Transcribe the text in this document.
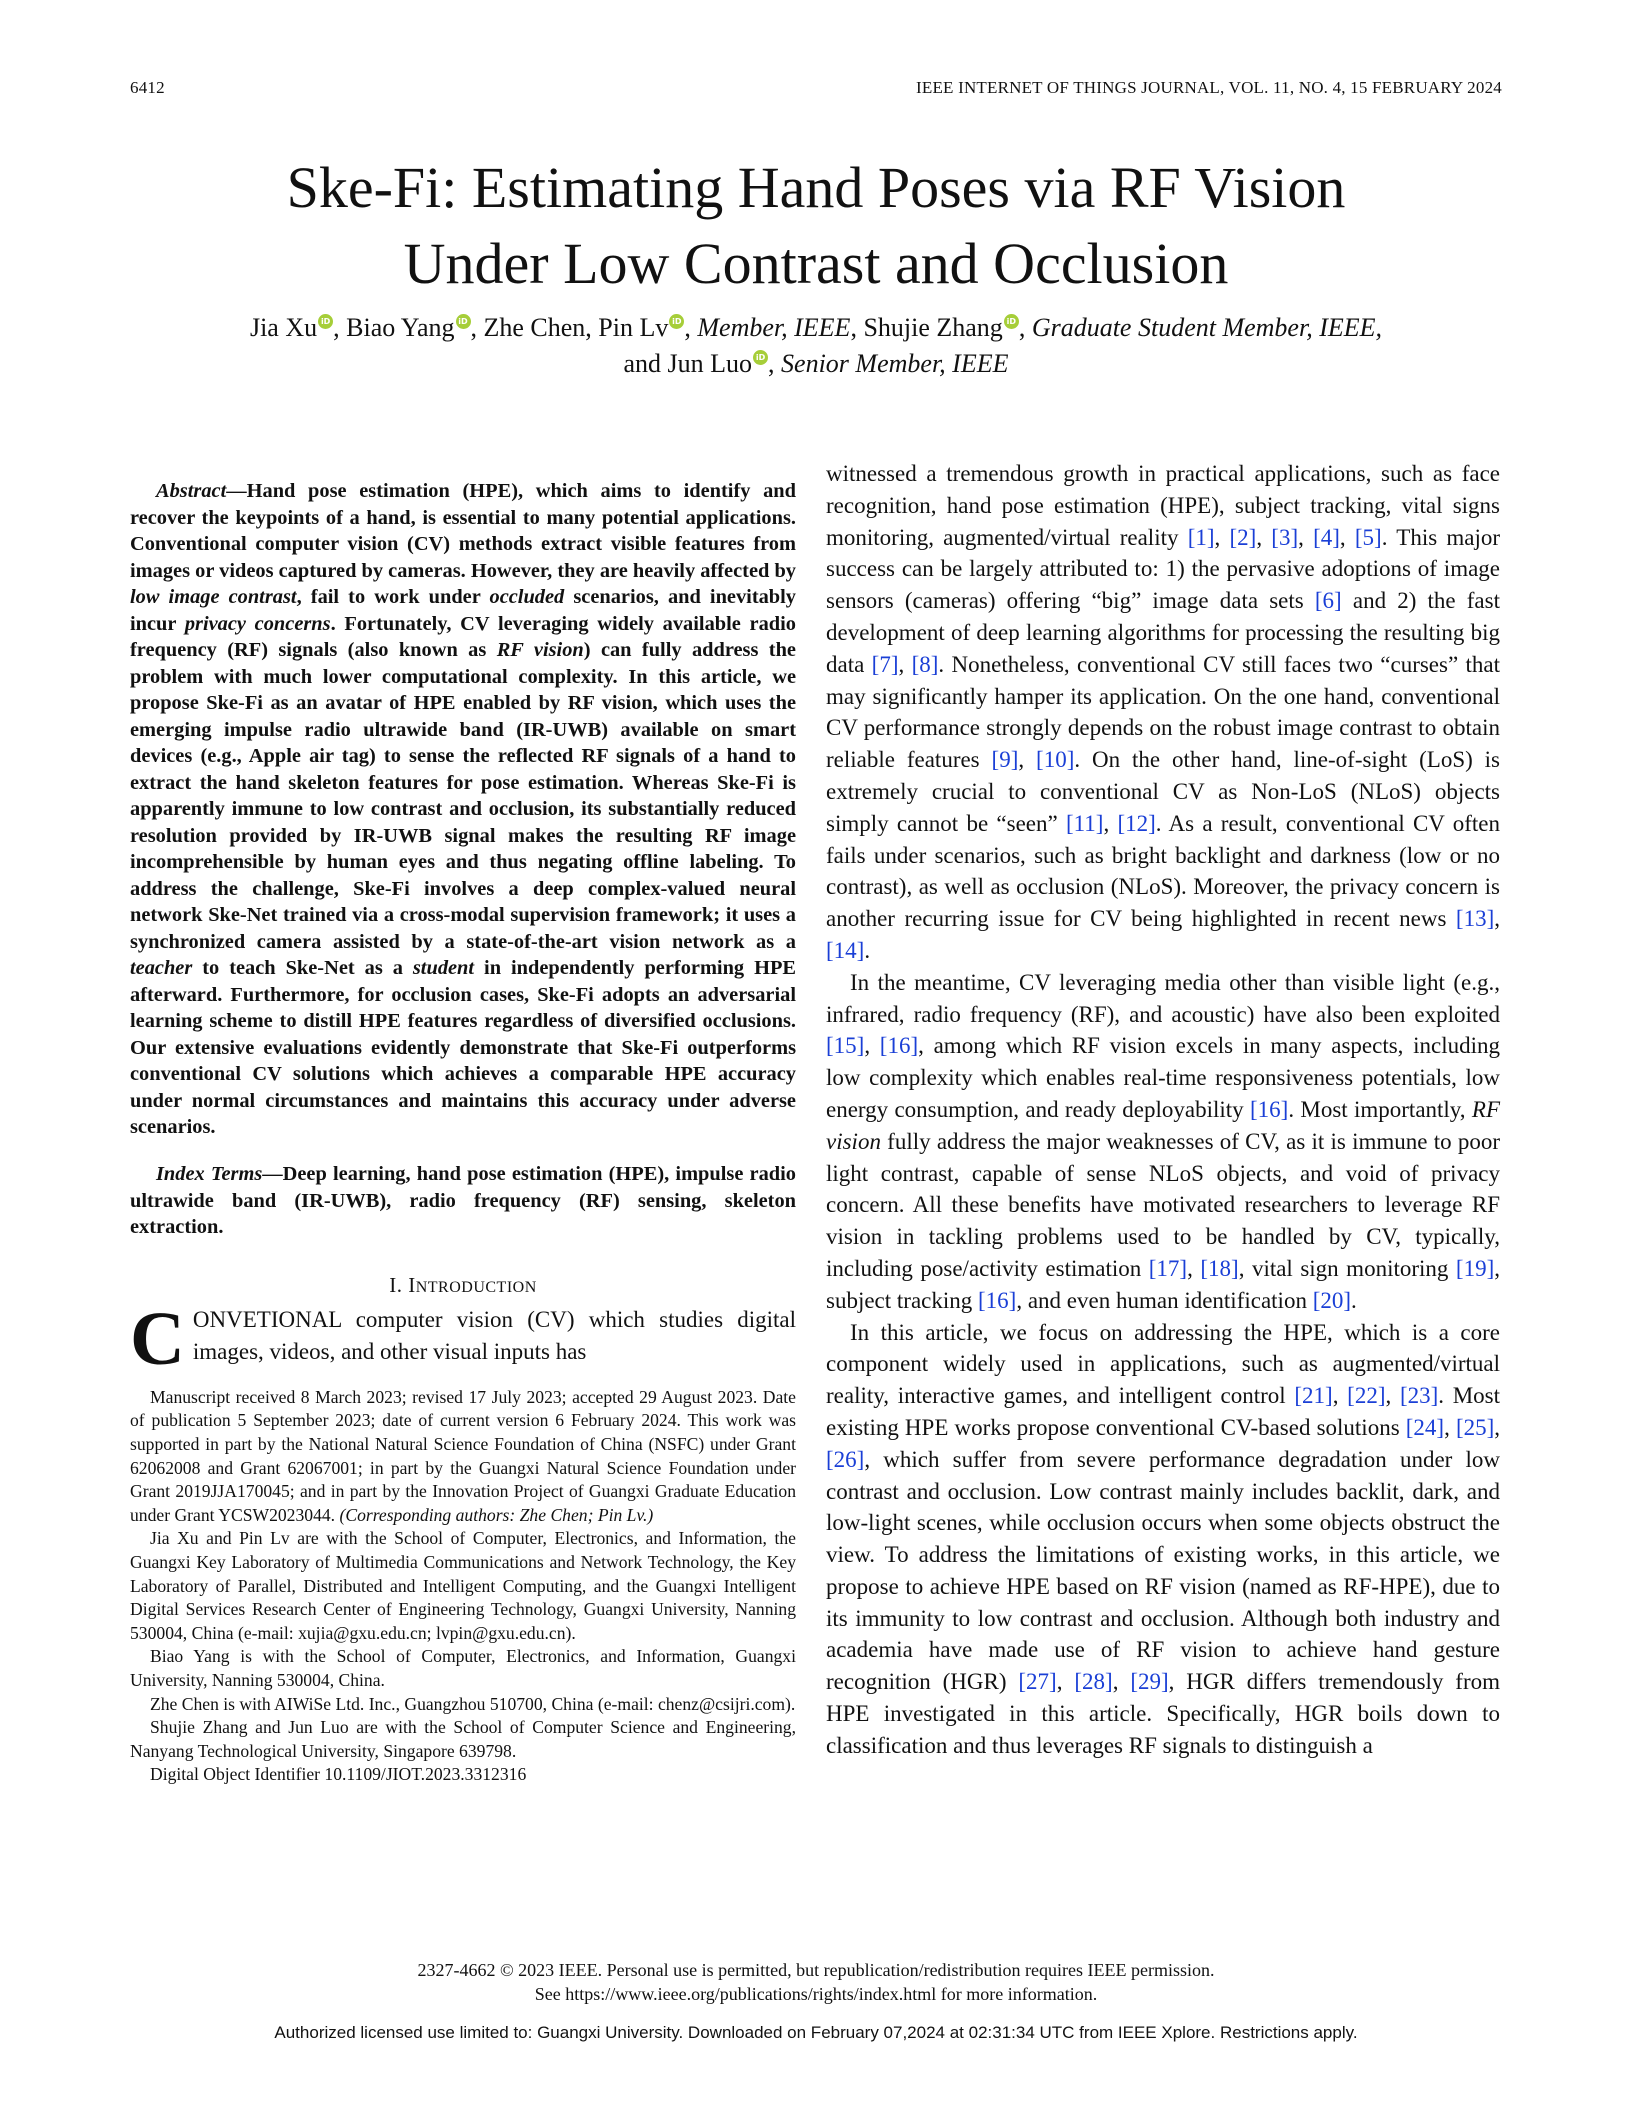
6412	IEEE INTERNET OF THINGS JOURNAL, VOL. 11, NO. 4, 15 FEBRUARY 2024
Ske-Fi: Estimating Hand Poses via RF Vision
Under Low Contrast and Occlusion
Jia Xu iD , Biao Yang iD , Zhe Chen, Pin Lv iD , Member, IEEE, Shujie Zhang iD , Graduate Student Member, IEEE,
and Jun Luo iD , Senior Member, IEEE

Abstract—Hand pose estimation (HPE), which aims to identify and recover the keypoints of a hand, is essential to many potential applications. Conventional computer vision (CV) methods extract visible features from images or videos captured by cameras. However, they are heavily affected by low image contrast, fail to work under occluded scenarios, and inevitably incur privacy concerns. Fortunately, CV leveraging widely available radio frequency (RF) signals (also known as RF vision) can fully address the problem with much lower computational complexity. In this article, we propose Ske-Fi as an avatar of HPE enabled by RF vision, which uses the emerging impulse radio ultrawide band (IR-UWB) available on smart devices (e.g., Apple air tag) to sense the reflected RF signals of a hand to extract the hand skeleton features for pose estimation. Whereas Ske-Fi is apparently immune to low contrast and occlusion, its substantially reduced resolution provided by IR-UWB signal makes the resulting RF image incomprehensible by human eyes and thus negating offline labeling. To address the challenge, Ske-Fi involves a deep complex-valued neural network Ske-Net trained via a cross-modal supervision framework; it uses a synchronized camera assisted by a state-of-the-art vision network as a teacher to teach Ske-Net as a student in independently performing HPE afterward. Furthermore, for occlusion cases, Ske-Fi adopts an adversarial learning scheme to distill HPE features regardless of diversified occlusions. Our extensive evaluations evidently demonstrate that Ske-Fi outperforms conventional CV solutions which achieves a comparable HPE accuracy under normal circumstances and maintains this accuracy under adverse scenarios.

Index Terms—Deep learning, hand pose estimation (HPE), impulse radio ultrawide band (IR-UWB), radio frequency (RF) sensing, skeleton extraction.

I. INTRODUCTION

CONVETIONAL computer vision (CV) which studies digital images, videos, and other visual inputs has

Manuscript received 8 March 2023; revised 17 July 2023; accepted 29 August 2023. Date of publication 5 September 2023; date of current version 6 February 2024. This work was supported in part by the National Natural Science Foundation of China (NSFC) under Grant 62062008 and Grant 62067001; in part by the Guangxi Natural Science Foundation under Grant 2019JJA170045; and in part by the Innovation Project of Guangxi Graduate Education under Grant YCSW2023044. (Corresponding authors: Zhe Chen; Pin Lv.)

Jia Xu and Pin Lv are with the School of Computer, Electronics, and Information, the Guangxi Key Laboratory of Multimedia Communications and Network Technology, the Key Laboratory of Parallel, Distributed and Intelligent Computing, and the Guangxi Intelligent Digital Services Research Center of Engineering Technology, Guangxi University, Nanning 530004, China (e-mail: xujia@gxu.edu.cn; lvpin@gxu.edu.cn).

Biao Yang is with the School of Computer, Electronics, and Information, Guangxi University, Nanning 530004, China.

Zhe Chen is with AIWiSe Ltd. Inc., Guangzhou 510700, China (e-mail: chenz@csijri.com).

Shujie Zhang and Jun Luo are with the School of Computer Science and Engineering, Nanyang Technological University, Singapore 639798.

Digital Object Identifier 10.1109/JIOT.2023.3312316

witnessed a tremendous growth in practical applications, such as face recognition, hand pose estimation (HPE), subject tracking, vital signs monitoring, augmented/virtual reality [1], [2], [3], [4], [5]. This major success can be largely attributed to: 1) the pervasive adoptions of image sensors (cameras) offering “big” image data sets [6] and 2) the fast development of deep learning algorithms for processing the resulting big data [7], [8]. Nonetheless, conventional CV still faces two “curses” that may significantly hamper its application. On the one hand, conventional CV performance strongly depends on the robust image contrast to obtain reliable features [9], [10]. On the other hand, line-of-sight (LoS) is extremely crucial to conventional CV as Non-LoS (NLoS) objects simply cannot be “seen” [11], [12]. As a result, conventional CV often fails under scenarios, such as bright backlight and darkness (low or no contrast), as well as occlusion (NLoS). Moreover, the privacy concern is another recurring issue for CV being highlighted in recent news [13], [14].

In the meantime, CV leveraging media other than visible light (e.g., infrared, radio frequency (RF), and acoustic) have also been exploited [15], [16], among which RF vision excels in many aspects, including low complexity which enables real-time responsiveness potentials, low energy consumption, and ready deployability [16]. Most importantly, RF vision fully address the major weaknesses of CV, as it is immune to poor light contrast, capable of sense NLoS objects, and void of privacy concern. All these benefits have motivated researchers to leverage RF vision in tackling problems used to be handled by CV, typically, including pose/activity estimation [17], [18], vital sign monitoring [19], subject tracking [16], and even human identification [20].

In this article, we focus on addressing the HPE, which is a core component widely used in applications, such as augmented/virtual reality, interactive games, and intelligent control [21], [22], [23]. Most existing HPE works propose conventional CV-based solutions [24], [25], [26], which suffer from severe performance degradation under low contrast and occlusion. Low contrast mainly includes backlit, dark, and low-light scenes, while occlusion occurs when some objects obstruct the view. To address the limitations of existing works, in this article, we propose to achieve HPE based on RF vision (named as RF-HPE), due to its immunity to low contrast and occlusion. Although both industry and academia have made use of RF vision to achieve hand gesture recognition (HGR) [27], [28], [29], HGR differs tremendously from HPE investigated in this article. Specifically, HGR boils down to classification and thus leverages RF signals to distinguish a

2327-4662 © 2023 IEEE. Personal use is permitted, but republication/redistribution requires IEEE permission.
See https://www.ieee.org/publications/rights/index.html for more information.
Authorized licensed use limited to: Guangxi University. Downloaded on February 07,2024 at 02:31:34 UTC from IEEE Xplore. Restrictions apply.
